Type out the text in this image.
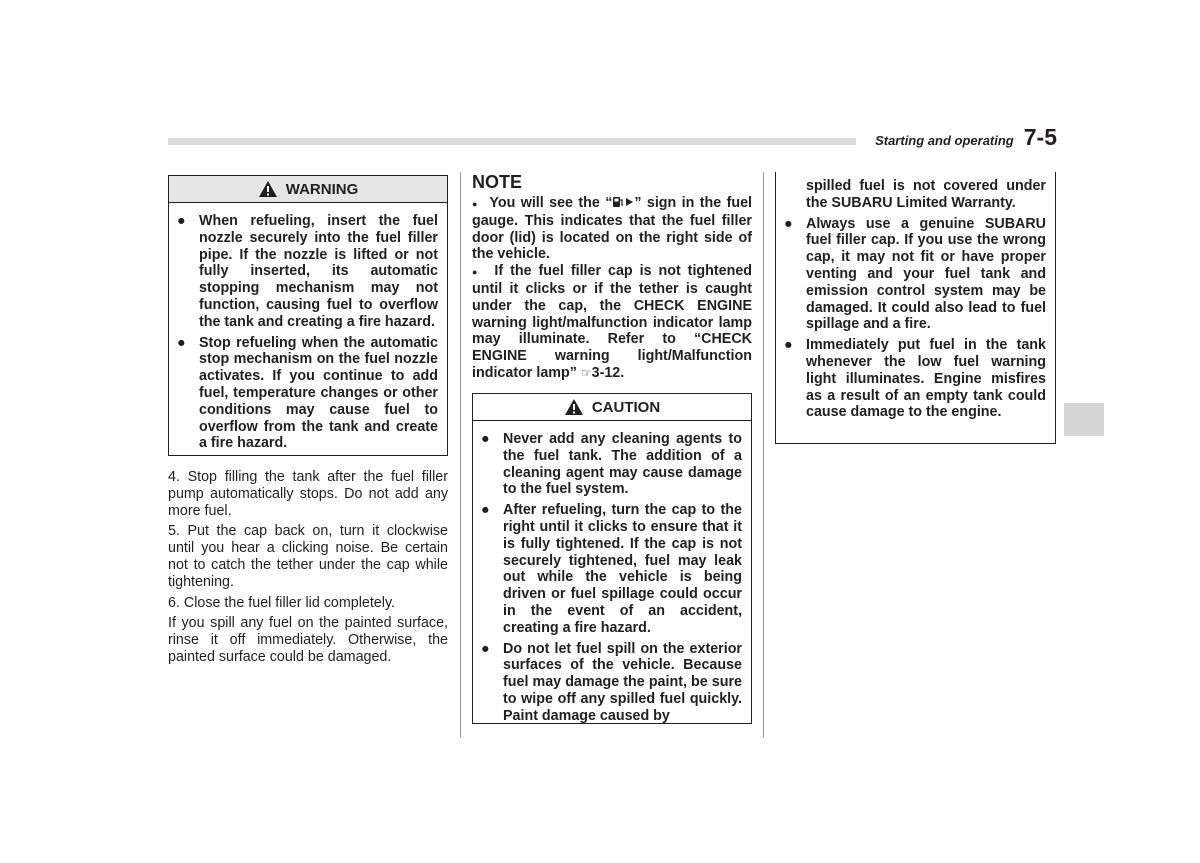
Starting and operating 7-5
WARNING
● When refueling, insert the fuel nozzle securely into the fuel filler pipe. If the nozzle is lifted or not fully inserted, its automatic stopping mechanism may not function, causing fuel to overflow the tank and creating a fire hazard.
● Stop refueling when the automatic stop mechanism on the fuel nozzle activates. If you continue to add fuel, temperature changes or other conditions may cause fuel to overflow from the tank and create a fire hazard.

4. Stop filling the tank after the fuel filler pump automatically stops. Do not add any more fuel.

5. Put the cap back on, turn it clockwise until you hear a clicking noise. Be certain not to catch the tether under the cap while tightening.

6. Close the fuel filler lid completely.

If you spill any fuel on the painted surface, rinse it off immediately. Otherwise, the painted surface could be damaged.

NOTE

● You will see the “ ” sign in the fuel gauge. This indicates that the fuel filler door (lid) is located on the right side of the vehicle.

● If the fuel filler cap is not tightened until it clicks or if the tether is caught under the cap, the CHECK ENGINE warning light/malfunction indicator lamp may illuminate. Refer to “CHECK ENGINE warning light/Malfunction indicator lamp” ☞3-12.

CAUTION
● Never add any cleaning agents to the fuel tank. The addition of a cleaning agent may cause damage to the fuel system.
● After refueling, turn the cap to the right until it clicks to ensure that it is fully tightened. If the cap is not securely tightened, fuel may leak out while the vehicle is being driven or fuel spillage could occur in the event of an accident, creating a fire hazard.
● Do not let fuel spill on the exterior surfaces of the vehicle. Because fuel may damage the paint, be sure to wipe off any spilled fuel quickly. Paint damage caused by
spilled fuel is not covered under the SUBARU Limited Warranty.
● Always use a genuine SUBARU fuel filler cap. If you use the wrong cap, it may not fit or have proper venting and your fuel tank and emission control system may be damaged. It could also lead to fuel spillage and a fire.
● Immediately put fuel in the tank whenever the low fuel warning light illuminates. Engine misfires as a result of an empty tank could cause damage to the engine.
